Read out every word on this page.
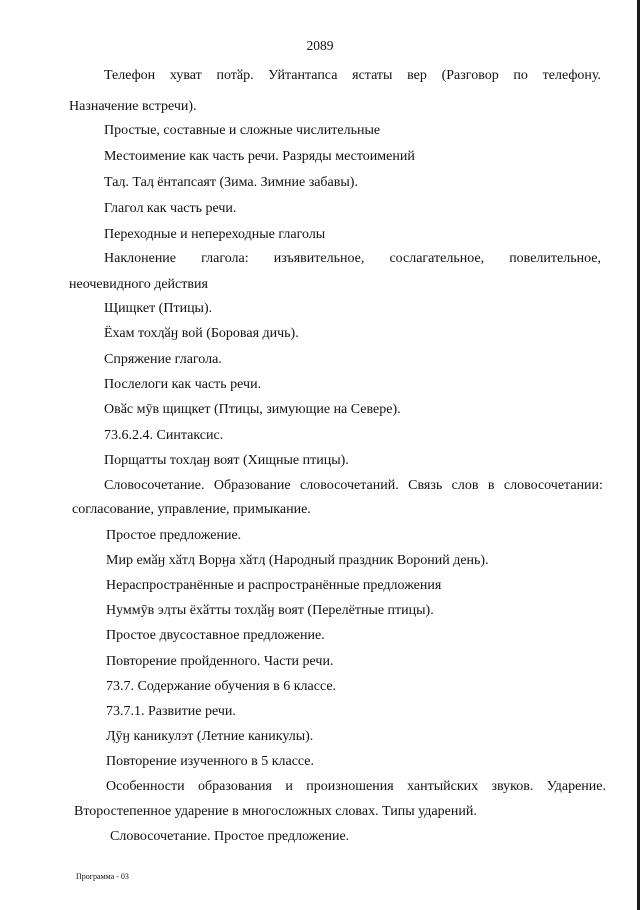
2089
Телефон хуват потӑр. Уйтантапса ястаты вер (Разговор по телефону.
Назначение встречи).
Простые, составные и сложные числительные
Местоимение как часть речи. Разряды местоимений
Таӆ. Таӆ ёнтапсаят (Зима. Зимние забавы).
Глагол как часть речи.
Переходные и непереходные глаголы
Наклонение глагола: изъявительное, сослагательное, повелительное,
неочевидного действия
Щищкет (Птицы).
Ёхам тохӆӑӈ вой (Боровая дичь).
Спряжение глагола.
Послелоги как часть речи.
Овӑс мӯв щищкет (Птицы, зимующие на Севере).
73.6.2.4. Синтаксис.
Порщатты тохӆаӈ воят (Хищные птицы).
Словосочетание. Образование словосочетаний. Связь слов в словосочетании:
согласование, управление, примыкание.
Простое предложение.
Мир емӑӈ хӑтӆ Ворӈа хӑтӆ (Народный праздник Вороний день).
Нераспространённые и распространённые предложения
Нуммӯв эӆты ёхӑтты тохӆӑӈ воят (Перелётные птицы).
Простое двусоставное предложение.
Повторение пройденного. Части речи.
73.7. Содержание обучения в 6 классе.
73.7.1. Развитие речи.
Ӆӯӈ каникулэт (Летние каникулы).
Повторение изученного в 5 классе.
Особенности образования и произношения хантыйских звуков. Ударение.
Второстепенное ударение в многосложных словах. Типы ударений.
Словосочетание. Простое предложение.
Программа - 03
